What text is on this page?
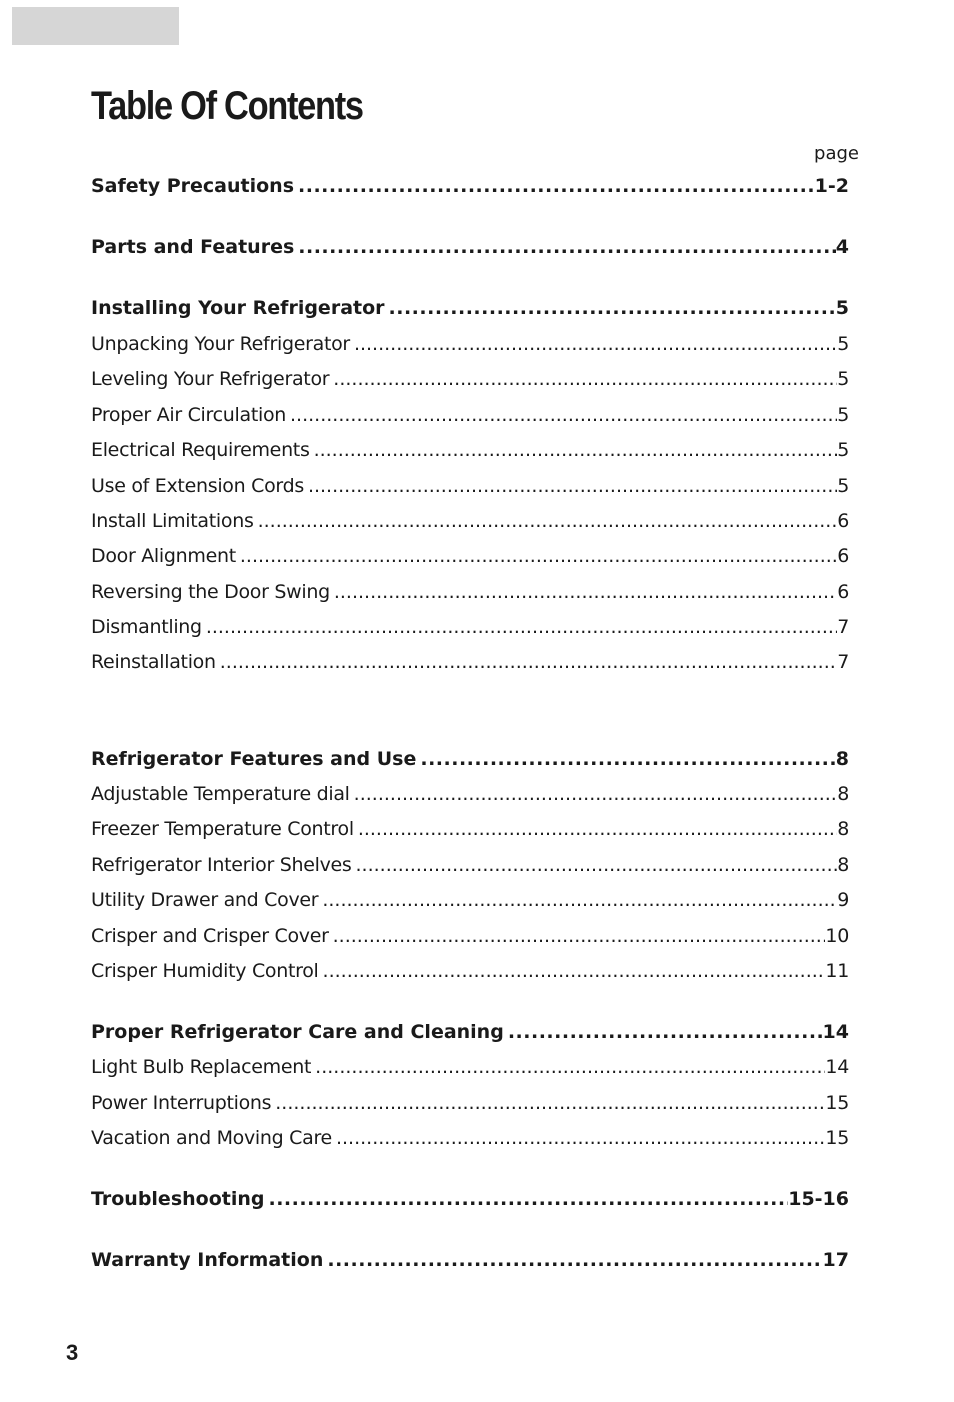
Table Of Contents
page
Safety Precautions .....	1-2
Parts and Features .....	4
Installing Your Refrigerator .....	5
Unpacking Your Refrigerator .....	5
Leveling Your Refrigerator .....	5
Proper Air Circulation .....	5
Electrical Requirements .....	5
Use of Extension Cords .....	5
Install Limitations .....	6
Door Alignment .....	6
Reversing the Door Swing .....	6
Dismantling .....	7
Reinstallation .....	7
Refrigerator Features and Use .....	8
Adjustable Temperature dial .....	8
Freezer Temperature Control .....	8
Refrigerator Interior Shelves .....	8
Utility Drawer and Cover .....	9
Crisper and Crisper Cover .....	10
Crisper Humidity Control .....	11
Proper Refrigerator Care and Cleaning .....	14
Light Bulb Replacement .....	14
Power Interruptions .....	15
Vacation and Moving Care .....	15
Troubleshooting .....	15-16
Warranty Information .....	17
3
